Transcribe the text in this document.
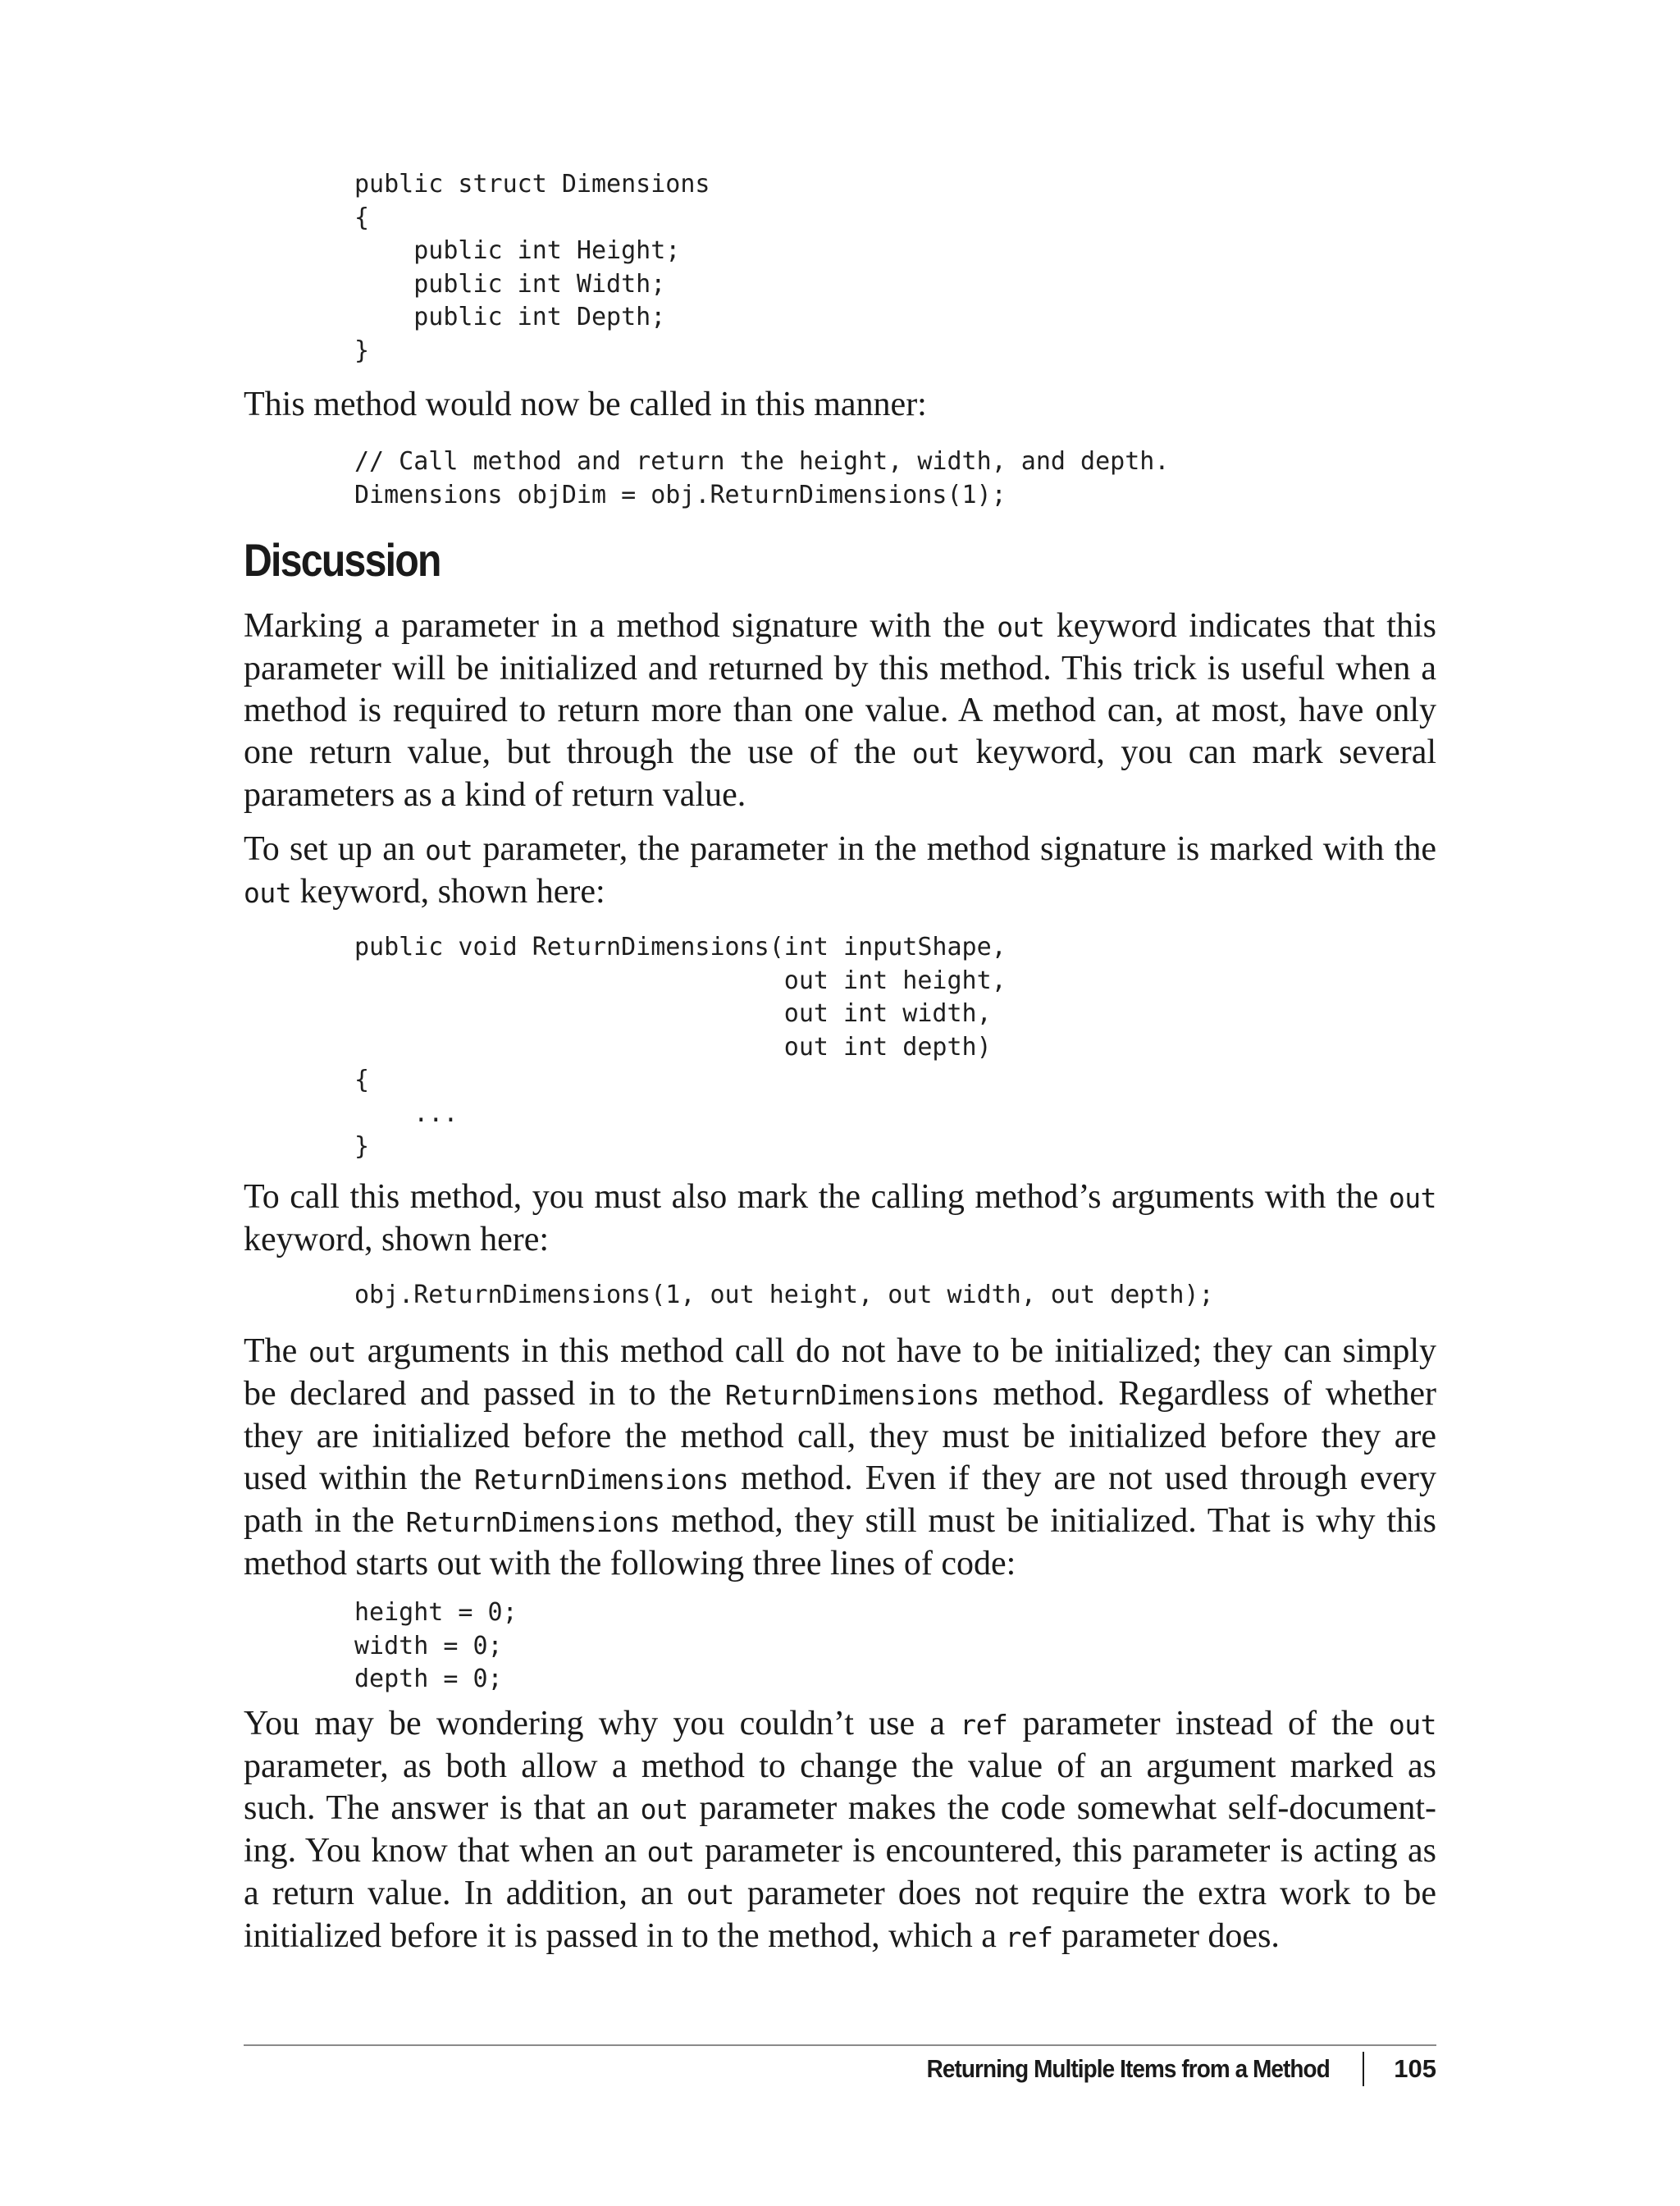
public struct Dimensions
{
public int Height;
public int Width;
public int Depth;
}

This method would now be called in this manner:

// Call method and return the height, width, and depth.
Dimensions objDim = obj.ReturnDimensions(1);
Discussion

Marking a parameter in a method signature with the out keyword indicates that this parameter will be initialized and returned by this method. This trick is useful when a method is required to return more than one value. A method can, at most, have only one return value, but through the use of the out keyword, you can mark several parameters as a kind of return value.

To set up an out parameter, the parameter in the method signature is marked with the out keyword, shown here:

public void ReturnDimensions(int inputShape,
out int height,
out int width,
out int depth)
{
...
}

To call this method, you must also mark the calling method’s arguments with the out keyword, shown here:

obj.ReturnDimensions(1, out height, out width, out depth);

The out arguments in this method call do not have to be initialized; they can simply be declared and passed in to the ReturnDimensions method. Regardless of whether they are initialized before the method call, they must be initialized before they are used within the ReturnDimensions method. Even if they are not used through every path in the ReturnDimensions method, they still must be initialized. That is why this method starts out with the following three lines of code:

height = 0;
width = 0;
depth = 0;

You may be wondering why you couldn’t use a ref parameter instead of the out parameter, as both allow a method to change the value of an argument marked as such. The answer is that an out parameter makes the code somewhat self-documenting. You know that when an out parameter is encountered, this parameter is acting as a return value. In addition, an out parameter does not require the extra work to be initialized before it is passed in to the method, which a ref parameter does.

Returning Multiple Items from a Method	105
